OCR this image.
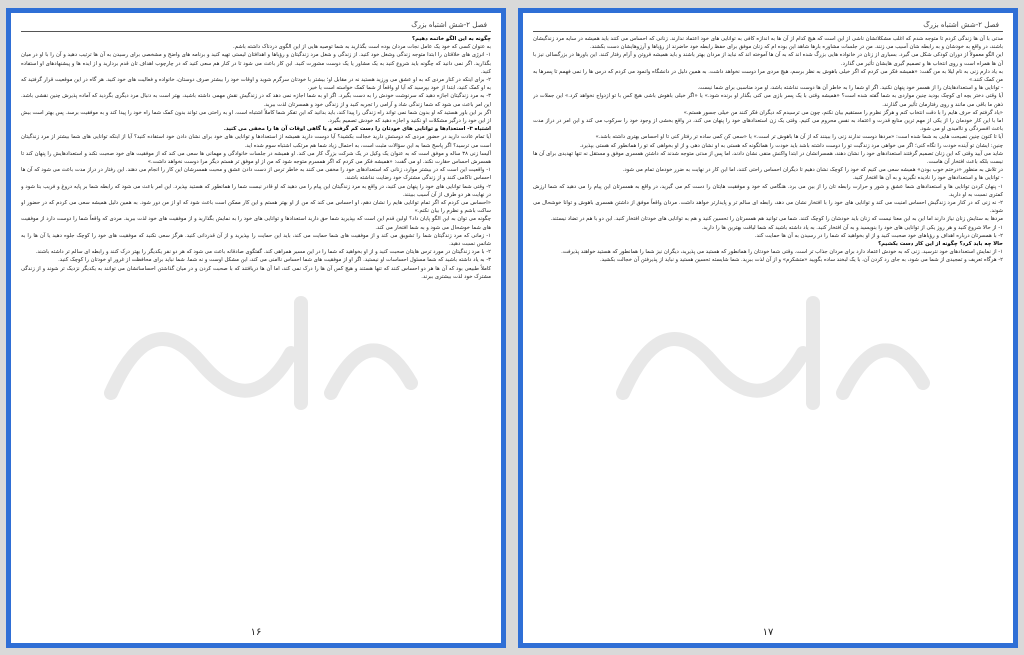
فصل ۲-شش اشتباه بزرگ

چگونه به این الگو خاتمه دهیم؟

به عنوان کسی که خود یک عامل نجات مردان بوده است بگذارید به شما توصیه هایی از این الگوی دردناک داشته باشم.

۱- انرژی های خلاقتان را ابتدا متوجه زندگی وشغل خود کنید. از زندگی و شغل مرد زندگیتان و رؤیاها و اهدافتان لیستی تهیه کنید و برنامه های واضح و مشخصی برای رسیدن به آن ها ترتیب دهید و آن را با او در میان بگذارید. اگر نمی دانید که چگونه باید شروع کنید به یک مشاور یا یک دوست مشورت کنید. این کار باعث می شود تا در کنار هم سعی کنید که در چارچوب اهداف تان قدم بردارید و از ایده ها و پیشنهادهای او استفاده کنید.

۲- برای اینکه در کنار مردی که به او عشق می ورزید هستید نه در مقابل او؛ بیشتر با خودتان سرگرم شوید و اوقات خود را بیشتر صرف دوستان، خانواده و فعالیت های خود کنید. هر گاه در این موقعیت قرار گرفتید که به او کمک کنید، ابتدا از خود بپرسید که آیا او واقعاً از شما کمک خواسته است یا خیر.

۳- به مرد زندگیتان اجازه دهید که سرنوشت خودش را به دست بگیرد. اگر او به شما اجازه نمی دهد که در زندگیش نقش مهمی داشته باشید، بهتر است به دنبال مرد دیگری بگردید که آماده پذیرش چنین نقشی باشد. این امر باعث می شود که شما زندگی شاد و آرامی را تجربه کنید و از زندگی خود و همسرتان لذت ببرید.

اگر بر این باور هستید که او بدون شما نمی تواند راه زندگی را پیدا کند، باید بدانید که این تفکر شما کاملاً اشتباه است. او به راحتی می تواند بدون کمک شما راه خود را پیدا کند و به موفقیت برسد. پس بهتر است بیش از این خود را درگیر مشکلات او نکنید و اجازه دهید که خودش تصمیم بگیرد.

اشتباه ۳- استعدادها و توانایی های خودتان را دست کم گرفته و یا گاهی اوقات آن ها را مخفی می کنید.

آیا تمام عادت دارید در حضور مردی که دوستش دارید خجالت بکشید؟ آیا دوست دارید همیشه از استعدادها و توانایی های خود برای نشان دادن خود استفاده کنید؟ آیا از اینکه توانایی های شما بیشتر از مرد زندگیتان است می ترسید؟ اگر پاسخ شما به این سؤالات مثبت است، به احتمال زیاد شما هم مرتکب اشتباه سوم شده اید.

آلیسا زنی ۳۸ ساله و موفق است که به عنوان یک وکیل در یک شرکت بزرگ کار می کند. او همیشه در جلسات خانوادگی و مهمانی ها سعی می کند که از موفقیت های خود صحبت نکند و استعدادهایش را پنهان کند تا همسرش احساس حقارت نکند. او می گفت: «همیشه فکر می کردم که اگر همسرم متوجه شود که من از او موفق تر هستم دیگر مرا دوست نخواهد داشت.»

۱- واقعیت این است که در بیشتر موارد، زنانی که استعدادهای خود را مخفی می کنند به خاطر ترس از دست دادن عشق و محبت همسرشان این کار را انجام می دهند. این رفتار در دراز مدت باعث می شود که آن ها احساس ناکامی کنند و از زندگی مشترک خود رضایت نداشته باشند.

۲- وقتی شما توانایی های خود را پنهان می کنید، در واقع به مرد زندگیتان این پیام را می دهید که او قادر نیست شما را همانطور که هستید بپذیرد. این امر باعث می شود که رابطه شما بر پایه دروغ و فریب بنا شود و در نهایت هر دو طرف از آن آسیب ببینند.

«احساس می کردم که اگر تمام توانایی هایم را نشان دهم، او احساس می کند که من از او بهتر هستم و این کار ممکن است باعث شود که او از من دور شود. به همین دلیل همیشه سعی می کردم که در حضور او ساکت باشم و نظرم را بیان نکنم.»

چگونه می توان به این الگو پایان داد؟ اولین قدم این است که بپذیرید شما حق دارید استعدادها و توانایی های خود را به نمایش بگذارید و از موفقیت های خود لذت ببرید. مردی که واقعاً شما را دوست دارد از موفقیت های شما خوشحال می شود و به شما افتخار می کند.

۱- زمانی که مرد زندگیتان شما را تشویق می کند و از موفقیت های شما حمایت می کند، باید این حمایت را بپذیرید و از آن قدردانی کنید. هرگز سعی نکنید که موفقیت های خود را کوچک جلوه دهید یا آن ها را به شانس نسبت دهید.

۲- با مرد زندگیتان در مورد ترس هایتان صحبت کنید و از او بخواهید که شما را در این مسیر همراهی کند. گفتگوی صادقانه باعث می شود که هر دو نفر یکدیگر را بهتر درک کنند و رابطه ای سالم تر داشته باشند.

۳- به یاد داشته باشید که شما مسئول احساسات او نیستید. اگر او از موفقیت های شما احساس ناامنی می کند، این مشکل اوست و نه شما. شما نباید برای محافظت از غرور او خودتان را کوچک کنید.

کاملاً طبیعی بود که آن ها هر دو احساس کنند که تنها هستند و هیچ کس آن ها را درک نمی کند، اما آن ها دریافتند که با صحبت کردن و در میان گذاشتن احساساتشان می توانند به یکدیگر نزدیک تر شوند و از زندگی مشترک خود لذت بیشتری ببرند.

۱۶
فصل ۲-شش اشتباه بزرگ

مدتی با آن ها زندگی کردم تا متوجه شدم که اغلب مشکلاتشان ناشی از این است که هیچ کدام از آن ها به اندازه کافی به توانایی های خود اعتماد ندارند. زنانی که احساس می کنند باید همیشه در سایه مرد زندگیشان باشند، در واقع به خودشان و به رابطه شان آسیب می زنند. من در جلسات مشاوره بارها شاهد این بوده ام که زنان موفق برای حفظ رابطه خود حاضرند از رؤیاها و آرزوهایشان دست بکشند.

این الگو معمولاً از دوران کودکی شکل می گیرد. بسیاری از زنان در خانواده هایی بزرگ شده اند که به آن ها آموخته اند که نباید از مردان بهتر باشند و باید همیشه فروتن و آرام رفتار کنند. این باورها در بزرگسالی نیز با آن ها همراه است و روی انتخاب ها و تصمیم گیری هایشان تأثیر می گذارد.

به یاد دارم زنی به نام لیلا به من گفت: «همیشه فکر می کردم که اگر خیلی باهوش به نظر برسم، هیچ مردی مرا دوست نخواهد داشت. به همین دلیل در دانشگاه وانمود می کردم که درس ها را نمی فهمم تا پسرها به من کمک کنند.»

- توانایی ها و استعدادهایتان را از همسر خود پنهان نکنید. اگر او شما را به خاطر آن ها دوست نداشته باشد، او مرد مناسبی برای شما نیست.

آیا وقتی دختر بچه ای کوچک بودید چنین مواردی به شما گفته شده است؟ «همیشه وقتی با یک پسر بازی می کنی بگذار او برنده شود.» یا «اگر خیلی باهوش باشی هیچ کس با تو ازدواج نخواهد کرد.» این جملات در ذهن ما باقی می مانند و روی رفتارمان تأثیر می گذارند.

«یاد گرفتم که حرف هایم را با دقت انتخاب کنم و هرگز نظرم را مستقیم بیان نکنم، چون می ترسیدم که دیگران فکر کنند من خیلی جسور هستم.»

اما با این کار خودمان را از یکی از مهم ترین منابع قدرت و اعتماد به نفس محروم می کنیم. وقتی یک زن استعدادهای خود را پنهان می کند، در واقع بخشی از وجود خود را سرکوب می کند و این امر در دراز مدت باعث افسردگی و ناامیدی او می شود.

آیا تا کنون چنین نصیحت هایی به شما شده است: «مردها دوست ندارند زنی را ببینند که از آن ها باهوش تر است.» یا «سعی کن کمی ساده تر رفتار کنی تا او احساس بهتری داشته باشد.»

چنین: ایشان تو آینده خودت را نگاه کنی؛ اگر می خواهی مرد زندگیت تو را دوست داشته باشد باید خودت را همانگونه که هستی به او نشان دهی و از او بخواهی که تو را همانطور که هستی بپذیرد.

شاید می آیید وقتی که این زنان تصمیم گرفتند استعدادهای خود را نشان دهند، همسرانشان در ابتدا واکنش منفی نشان دادند، اما پس از مدتی متوجه شدند که داشتن همسری موفق و مستقل نه تنها تهدیدی برای آن ها نیست بلکه باعث افتخار آن هاست.

در تلاش به منظور «درختم خوب بودن» همیشه سعی می کنیم که خود را کوچک نشان دهیم تا دیگران احساس راحتی کنند، اما این کار در نهایت به ضرر خودمان تمام می شود.

- توانایی ها و استعدادهای خود را نادیده نگیرید و به آن ها افتخار کنید.

۱- پنهان کردن توانایی ها و استعدادهای شما عشق و شور و حرارت رابطه تان را از بین می برد. هنگامی که خود و موفقیت هایتان را دست کم می گیرید، در واقع به همسرتان این پیام را می دهید که شما ارزش کمتری نسبت به او دارید.

۲- نه زنی که در کنار مرد زندگیش احساس امنیت می کند و توانایی های خود را با افتخار نشان می دهد، رابطه ای سالم تر و پایدارتر خواهد داشت. مردان واقعاً موفق از داشتن همسری باهوش و توانا خوشحال می شوند.

مردها به ستایش زنان نیاز دارند اما این به این معنا نیست که زنان باید خودشان را کوچک کنند. شما می توانید هم همسرتان را تحسین کنید و هم به توانایی های خودتان افتخار کنید. این دو با هم در تضاد نیستند.

۱- از حالا شروع کنید و هر روز یکی از توانایی های خود را بنویسید و به آن افتخار کنید. به یاد داشته باشید که شما لیاقت بهترین ها را دارید.

۲- با همسرتان درباره اهداف و رؤیاهای خود صحبت کنید و از او بخواهید که شما را در رسیدن به آن ها حمایت کند.

حالا چه باید کرد؟ چگونه از این کار دست بکشیم؟

۱- از نمایش استعدادهای خود نترسید. زنی که به خودش اعتماد دارد برای مردان جذاب تر است. وقتی شما خودتان را همانطور که هستید می پذیرید، دیگران نیز شما را همانطور که هستید خواهند پذیرفت.

۲- هرگاه تعریف و تمجیدی از شما می شود، به جای رد کردن آن، با یک لبخند ساده بگویید «متشکرم» و از آن لذت ببرید. شما شایسته تحسین هستید و نباید از پذیرفتن آن خجالت بکشید.

۱۷
